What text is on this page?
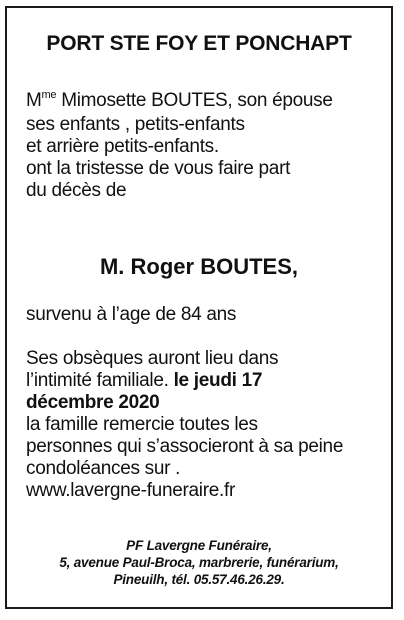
PORT STE FOY ET PONCHAPT
$M^{me}$ Mimosette BOUTES, son épouse
ses enfants , petits-enfants
et arrière petits-enfants.
ont la tristesse de vous faire part
du décès de
M. Roger BOUTES,
survenu à l’age de 84 ans
Ses obsèques auront lieu dans
l’intimité familiale. le jeudi 17
décembre 2020
la famille remercie toutes les
personnes qui s’associeront à sa peine
condoléances sur .
www.lavergne-funeraire.fr
PF Lavergne Funéraire,
5, avenue Paul-Broca, marbrerie, funérarium,
Pineuilh, tél. 05.57.46.26.29.
